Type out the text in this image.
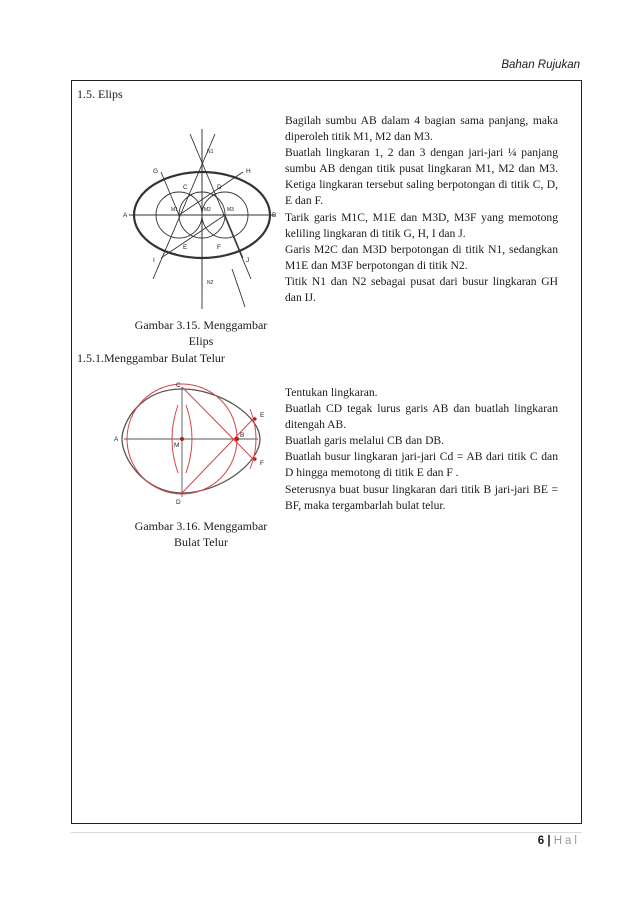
Bahan Rujukan
1.5. Elips
A	B
C	D
E	F
G	H
I	J
M1	M2	M3
N1
N2
Bagilah sumbu AB dalam 4 bagian sama panjang, maka diperoleh titik M1, M2 dan M3.
Buatlah lingkaran 1, 2 dan 3 dengan jari-jari ¼ panjang sumbu AB dengan titik pusat lingkaran M1, M2 dan M3. Ketiga lingkaran tersebut saling berpotongan di titik C, D, E dan F.
Tarik garis M1C, M1E dan M3D, M3F yang memotong keliling lingkaran di titik G, H, I dan J.
Garis M2C dan M3D berpotongan di titik N1, sedangkan M1E dan M3F berpotongan di titik N2.
Titik N1 dan N2 sebagai pusat dari busur lingkaran GH dan IJ.
Gambar 3.15. Menggambar
Elips
1.5.1.Menggambar Bulat Telur
A
B
C
D
E
F
M
Tentukan lingkaran.
Buatlah CD tegak lurus garis AB dan buatlah lingkaran ditengah AB.
Buatlah garis melalui CB dan DB.
Buatlah busur lingkaran jari-jari Cd = AB dari titik C dan D hingga memotong di titik E dan F .
Seterusnya buat busur lingkaran dari titik B jari-jari BE = BF, maka tergambarlah bulat telur.
Gambar 3.16. Menggambar
Bulat Telur
6 | Hal
